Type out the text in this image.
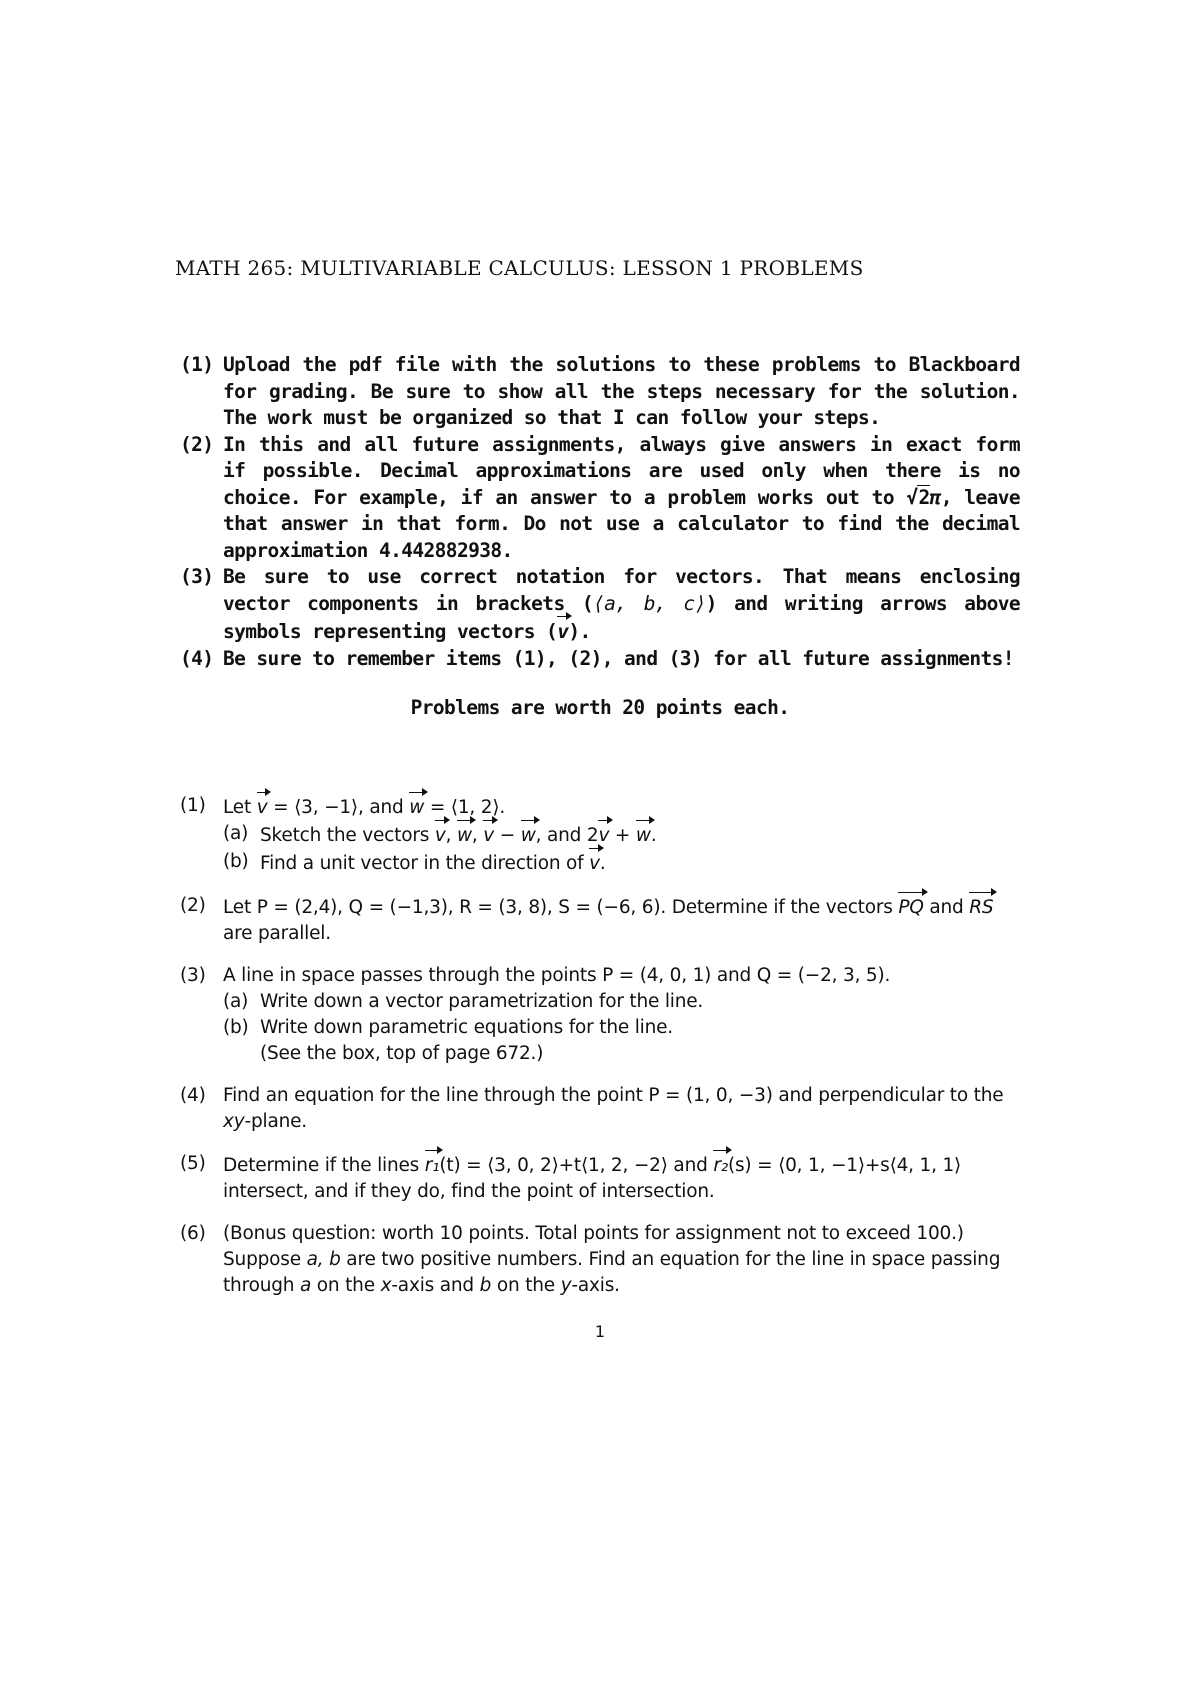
MATH 265: MULTIVARIABLE CALCULUS: LESSON 1 PROBLEMS
(1) Upload the pdf file with the solutions to these problems to Blackboard for grading. Be sure to show all the steps necessary for the solution. The work must be organized so that I can follow your steps.
(2) In this and all future assignments, always give answers in exact form if possible. Decimal approximations are used only when there is no choice. For example, if an answer to a problem works out to √2π, leave that answer in that form. Do not use a calculator to find the decimal approximation 4.442882938.
(3) Be sure to use correct notation for vectors. That means enclosing vector components in brackets (⟨a, b, c⟩) and writing arrows above symbols representing vectors (v).
(4) Be sure to remember items (1), (2), and (3) for all future assignments!
Problems are worth 20 points each.
(1) Let v = ⟨3, −1⟩, and w = ⟨1, 2⟩.
(a) Sketch the vectors v, w, v − w, and 2v + w.
(b) Find a unit vector in the direction of v.
(2) Let P = (2,4), Q = (−1,3), R = (3, 8), S = (−6, 6). Determine if the vectors PQ and RS are parallel.
(3) A line in space passes through the points P = (4, 0, 1) and Q = (−2, 3, 5).
(a) Write down a vector parametrization for the line.
(b) Write down parametric equations for the line.
(See the box, top of page 672.)
(4) Find an equation for the line through the point P = (1, 0, −3) and perpendicular to the xy-plane.
(5) Determine if the lines r₁(t) = ⟨3, 0, 2⟩+t⟨1, 2, −2⟩ and r₂(s) = ⟨0, 1, −1⟩+s⟨4, 1, 1⟩ intersect, and if they do, find the point of intersection.
(6) (Bonus question: worth 10 points. Total points for assignment not to exceed 100.) Suppose a, b are two positive numbers. Find an equation for the line in space passing through a on the x-axis and b on the y-axis.
1
